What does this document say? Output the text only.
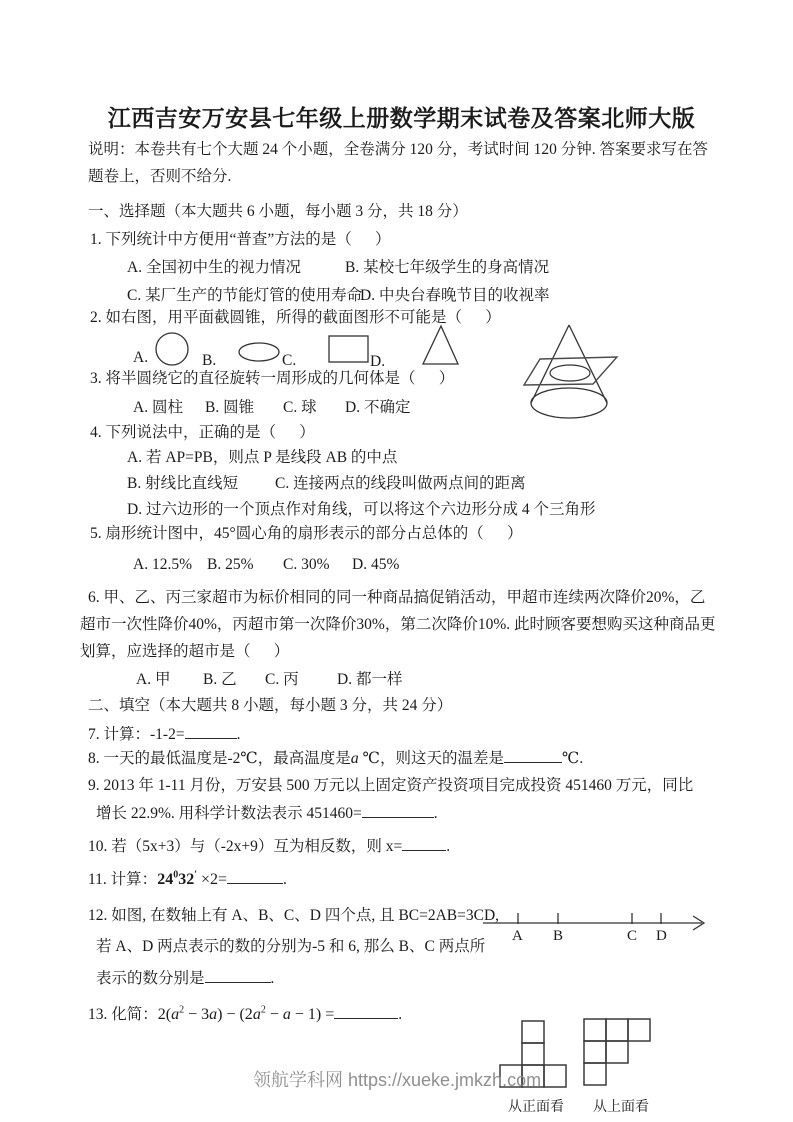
江西吉安万安县七年级上册数学期末试卷及答案北师大版
说明：本卷共有七个大题 24 个小题，全卷满分 120 分，考试时间 120 分钟. 答案要求写在答
题卷上，否则不给分.
一、选择题（本大题共 6 小题，每小题 3 分，共 18 分）
1. 下列统计中方便用“普查”方法的是（      ）
A. 全国初中生的视力情况	B. 某校七年级学生的身高情况
C. 某厂生产的节能灯管的使用寿命
D. 中央台春晚节目的收视率
2. 如右图，用平面截圆锥，所得的截面图形不可能是（      ）
A.	B.	C.	D.
3. 将半圆绕它的直径旋转一周形成的几何体是（      ）
A. 圆柱 B. 圆锥 C. 球 D. 不确定
4. 下列说法中，正确的是（      ）
A. 若 AP=PB，则点 P 是线段 AB 的中点
B. 射线比直线短 C. 连接两点的线段叫做两点间的距离
D. 过六边形的一个顶点作对角线，可以将这个六边形分成 4 个三角形
5. 扇形统计图中，45°圆心角的扇形表示的部分占总体的（      ）
A. 12.5% B. 25% C. 30% D. 45%
6. 甲、乙、丙三家超市为标价相同的同一种商品搞促销活动，甲超市连续两次降价20%，乙
超市一次性降价40%，丙超市第一次降价30%，第二次降价10%. 此时顾客要想购买这种商品更
划算，应选择的超市是（      ）
A. 甲 B. 乙 C. 丙 D. 都一样
二、填空（本大题共 8 小题，每小题 3 分，共 24 分）
7. 计算：-1-2=	.
8. 一天的最低温度是-2℃，最高温度是a ℃，则这天的温差是	℃.
9. 2013 年 1-11 月份，万安县 500 万元以上固定资产投资项目完成投资 451460 万元，同比
增长 22.9%. 用科学计数法表示 451460=	.
10. 若（5x+3）与（-2x+9）互为相反数，则 x=	.
11. 计算：$24^032' \times 2=$	.
12. 如图, 在数轴上有 A、B、C、D 四个点, 且 BC=2AB=3CD,
若 A、D 两点表示的数的分别为-5 和 6, 那么 B、C 两点所
表示的数分别是	.
A B	C D
13. 化简：$2(a^2 - 3a) - (2a^2 - a - 1)$ =	.
领航学科网 https://xueke.jmkzh.com
从正面看 从上面看
